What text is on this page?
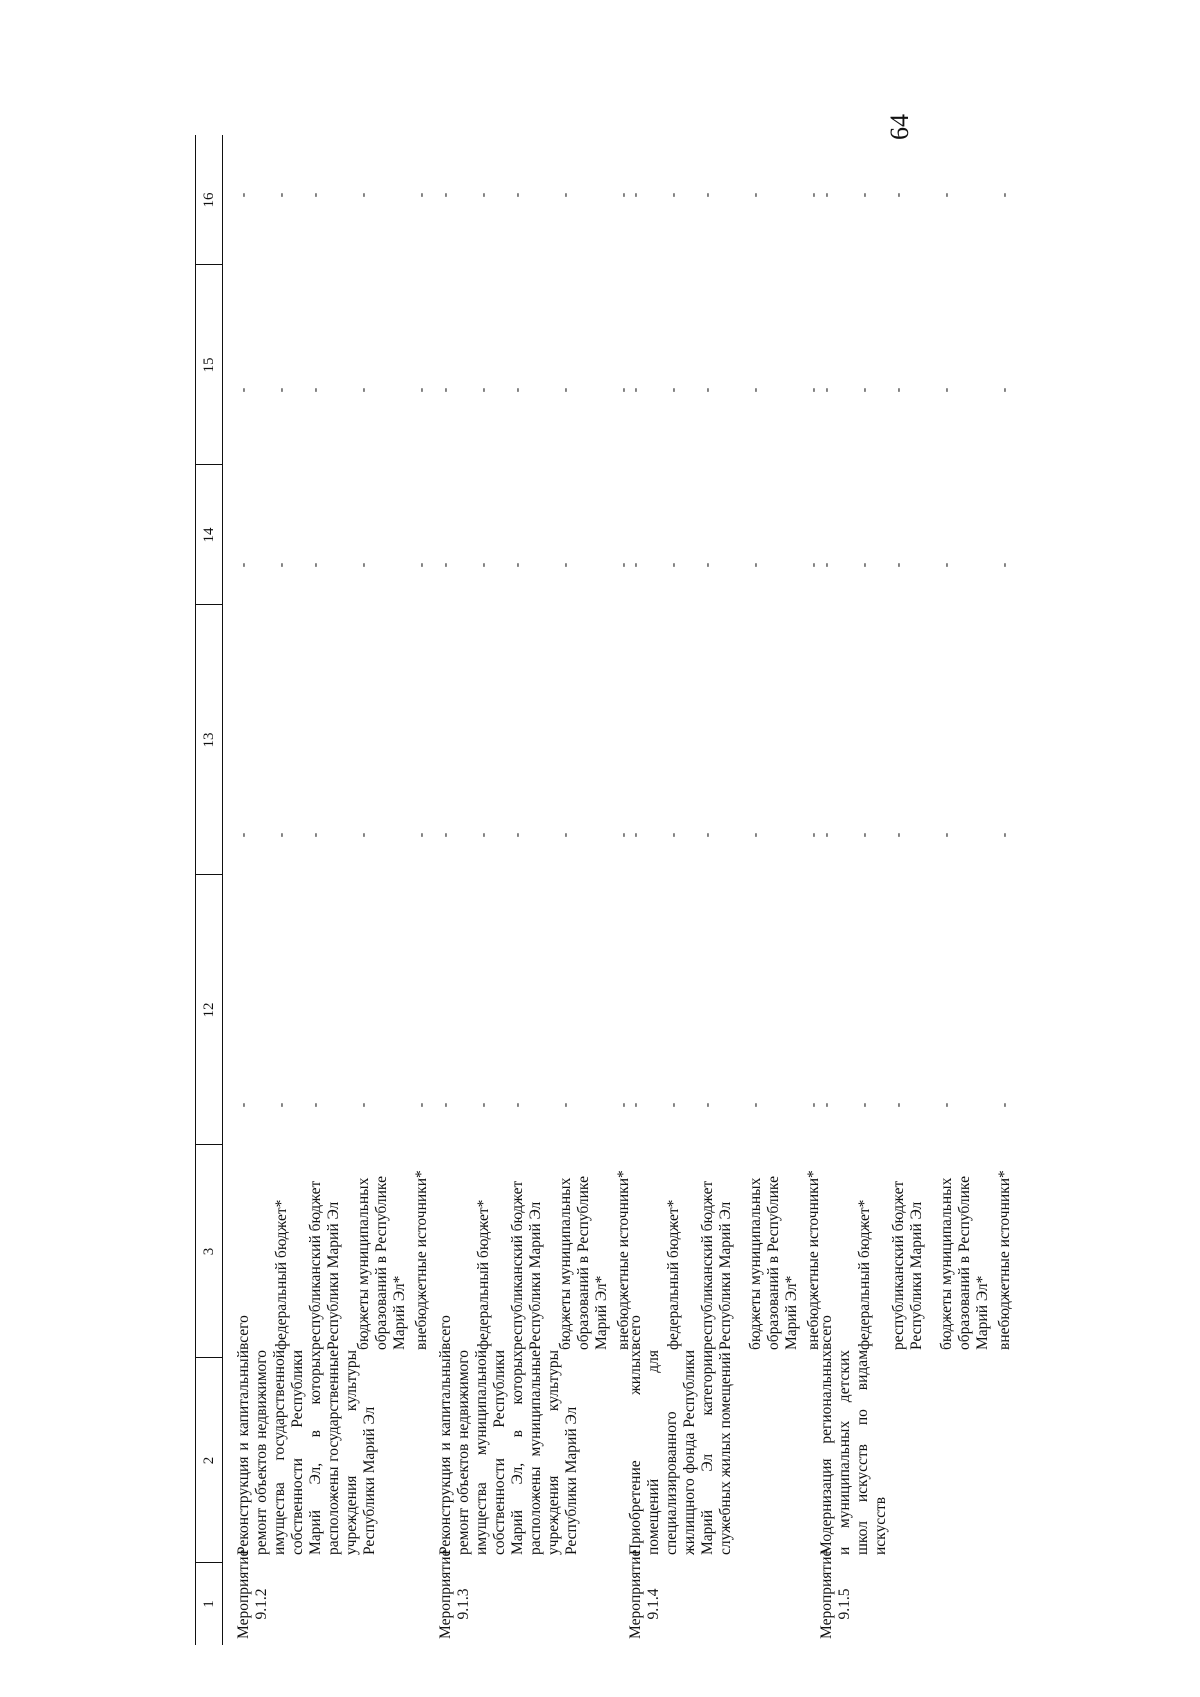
64
1
2
3
12
13
14
15
16
Мероприятие 9.1.2
Реконструкция и капитальный ремонт объектов недвижимого имущества государственной собственности Республики Марий Эл, в которых расположены государственные учреждения культуры Республики Марий Эл
всего
-
-
-
-
-
федеральный бюджет*
-
-
-
-
-
республиканский бюджет Республики Марий Эл
-
-
-
-
-
бюджеты муниципальных образований в Республике Марий Эл*
-
-
-
-
-
внебюджетные источники*
-
-
-
-
-
Мероприятие 9.1.3
Реконструкция и капитальный ремонт объектов недвижимого имущества муниципальной собственности Республики Марий Эл, в которых расположены муниципальные учреждения культуры Республики Марий Эл
всего
-
-
-
-
-
федеральный бюджет*
-
-
-
-
-
республиканский бюджет Республики Марий Эл
-
-
-
-
-
бюджеты муниципальных образований в Республике Марий Эл*
-
-
-
-
-
внебюджетные источники*
-
-
-
-
-
Мероприятие 9.1.4
Приобретение жилых помещений для специализированного жилищного фонда Республики Марий Эл категории служебных жилых помещений
всего
-
-
-
-
-
федеральный бюджет*
-
-
-
-
-
республиканский бюджет Республики Марий Эл
-
-
-
-
-
бюджеты муниципальных образований в Республике Марий Эл*
-
-
-
-
-
внебюджетные источники*
-
-
-
-
-
Мероприятие 9.1.5
Модернизация региональных и муниципальных детских школ искусств по видам искусств
всего
-
-
-
-
-
федеральный бюджет*
-
-
-
-
-
республиканский бюджет Республики Марий Эл
-
-
-
-
-
бюджеты муниципальных образований в Республике Марий Эл*
-
-
-
-
-
внебюджетные источники*
-
-
-
-
-
